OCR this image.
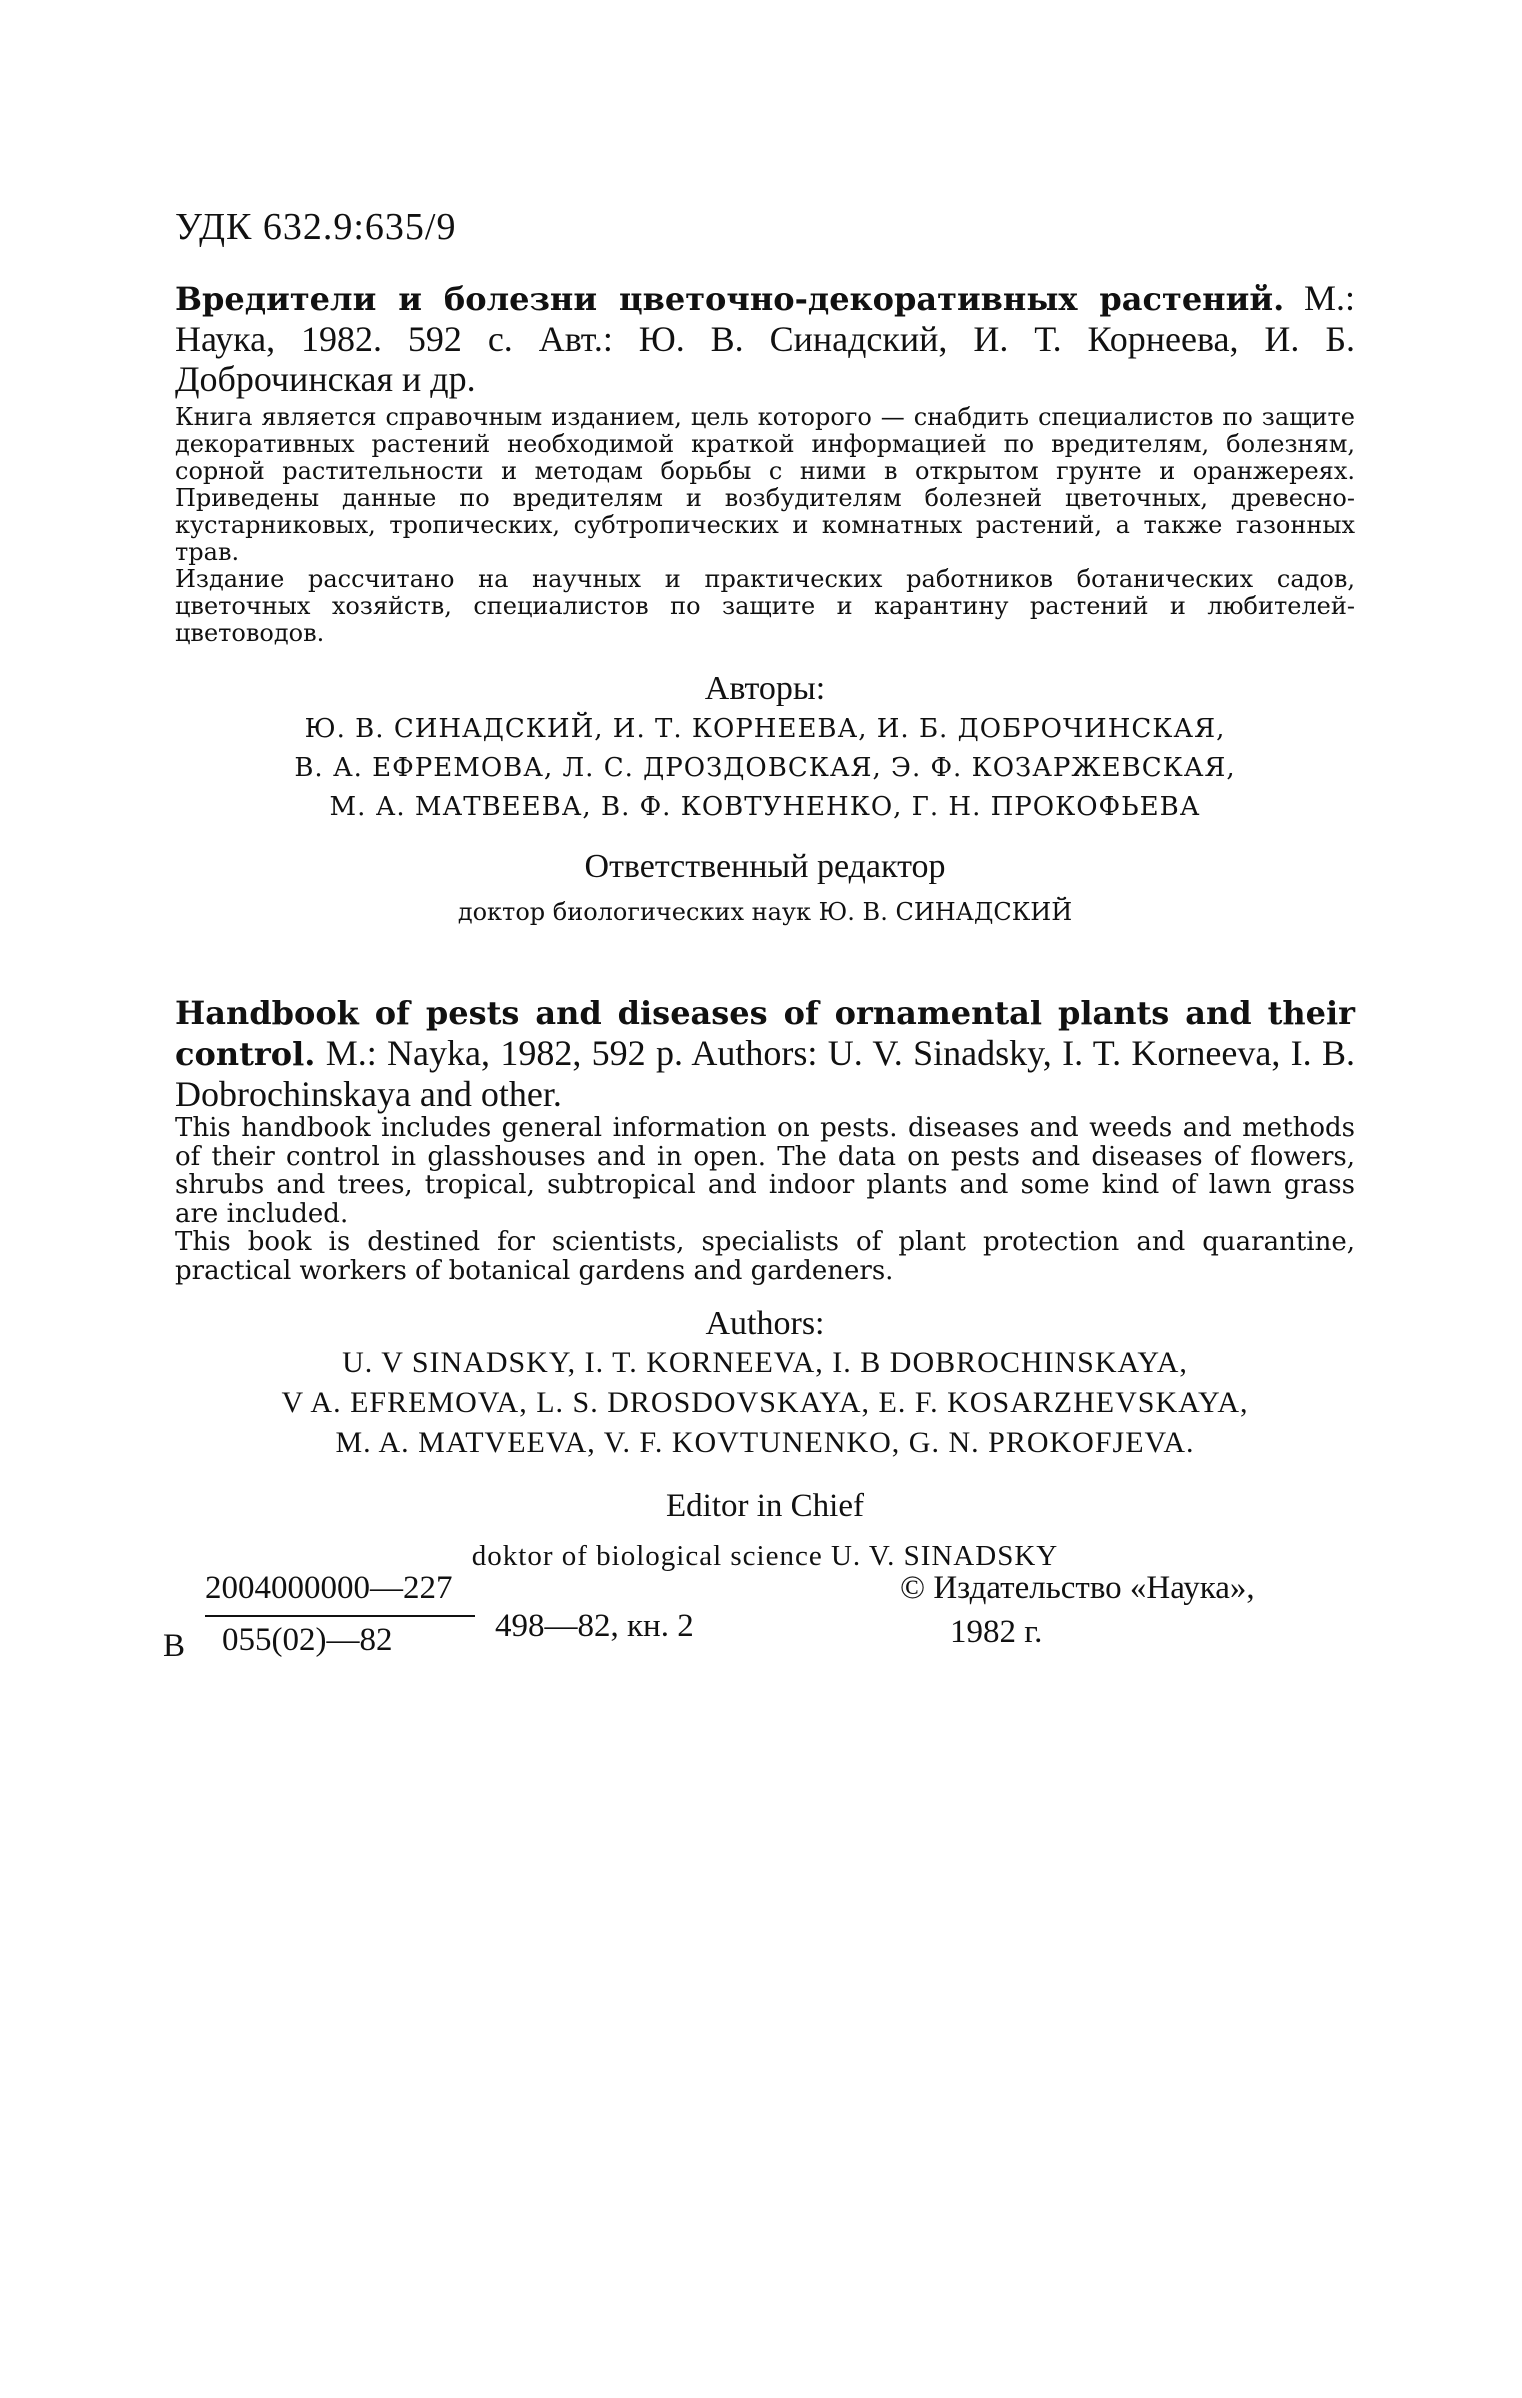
УДК 632.9:635/9
Вредители и болезни цветочно-декоративных растений. М.: Наука, 1982. 592 с. Авт.: Ю. В. Синадский, И. Т. Корнеева, И. Б. Доброчинская и др.

Книга является справочным изданием, цель которого — снабдить специалистов по защите декоративных растений необходимой краткой информацией по вредителям, болезням, сорной растительности и методам борьбы с ними в открытом грунте и оранжереях. Приведены данные по вредителям и возбудителям болезней цветочных, древесно-кустарниковых, тропических, субтропических и комнатных растений, а также газонных трав.

Издание рассчитано на научных и практических работников ботанических садов, цветочных хозяйств, специалистов по защите и карантину растений и любителей-цветоводов.

Авторы:
Ю. В. СИНАДСКИЙ, И. Т. КОРНЕЕВА, И. Б. ДОБРОЧИНСКАЯ,
В. А. ЕФРЕМОВА, Л. С. ДРОЗДОВСКАЯ, Э. Ф. КОЗАРЖЕВСКАЯ,
М. А. МАТВЕЕВА, В. Ф. КОВТУНЕНКО, Г. Н. ПРОКОФЬЕВА
Ответственный редактор
доктор биологических наук Ю. В. СИНАДСКИЙ
Handbook of pests and diseases of ornamental plants and their control. M.: Nayka, 1982, 592 p. Authors: U. V. Sinadsky, I. T. Korneeva, I. B. Dobrochinskaya and other.

This handbook includes general information on pests. diseases and weeds and methods of their control in glasshouses and in open. The data on pests and diseases of flowers, shrubs and trees, tropical, subtropical and indoor plants and some kind of lawn grass are included.

This book is destined for scientists, specialists of plant protection and quarantine, practical workers of botanical gardens and gardeners.

Authors:
U. V SINADSKY, I. T. KORNEEVA, I. B DOBROCHINSKAYA,
V A. EFREMOVA, L. S. DROSDOVSKAYA, E. F. KOSARZHEVSKAYA,
M. A. MATVEEVA, V. F. KOVTUNENKO, G. N. PROKOFJEVA.
Editor in Chief
doktor of biological science U. V. SINADSKY
В
2004000000—227
055(02)—82	498—82, кн. 2
© Издательство «Наука»,
1982 г.
